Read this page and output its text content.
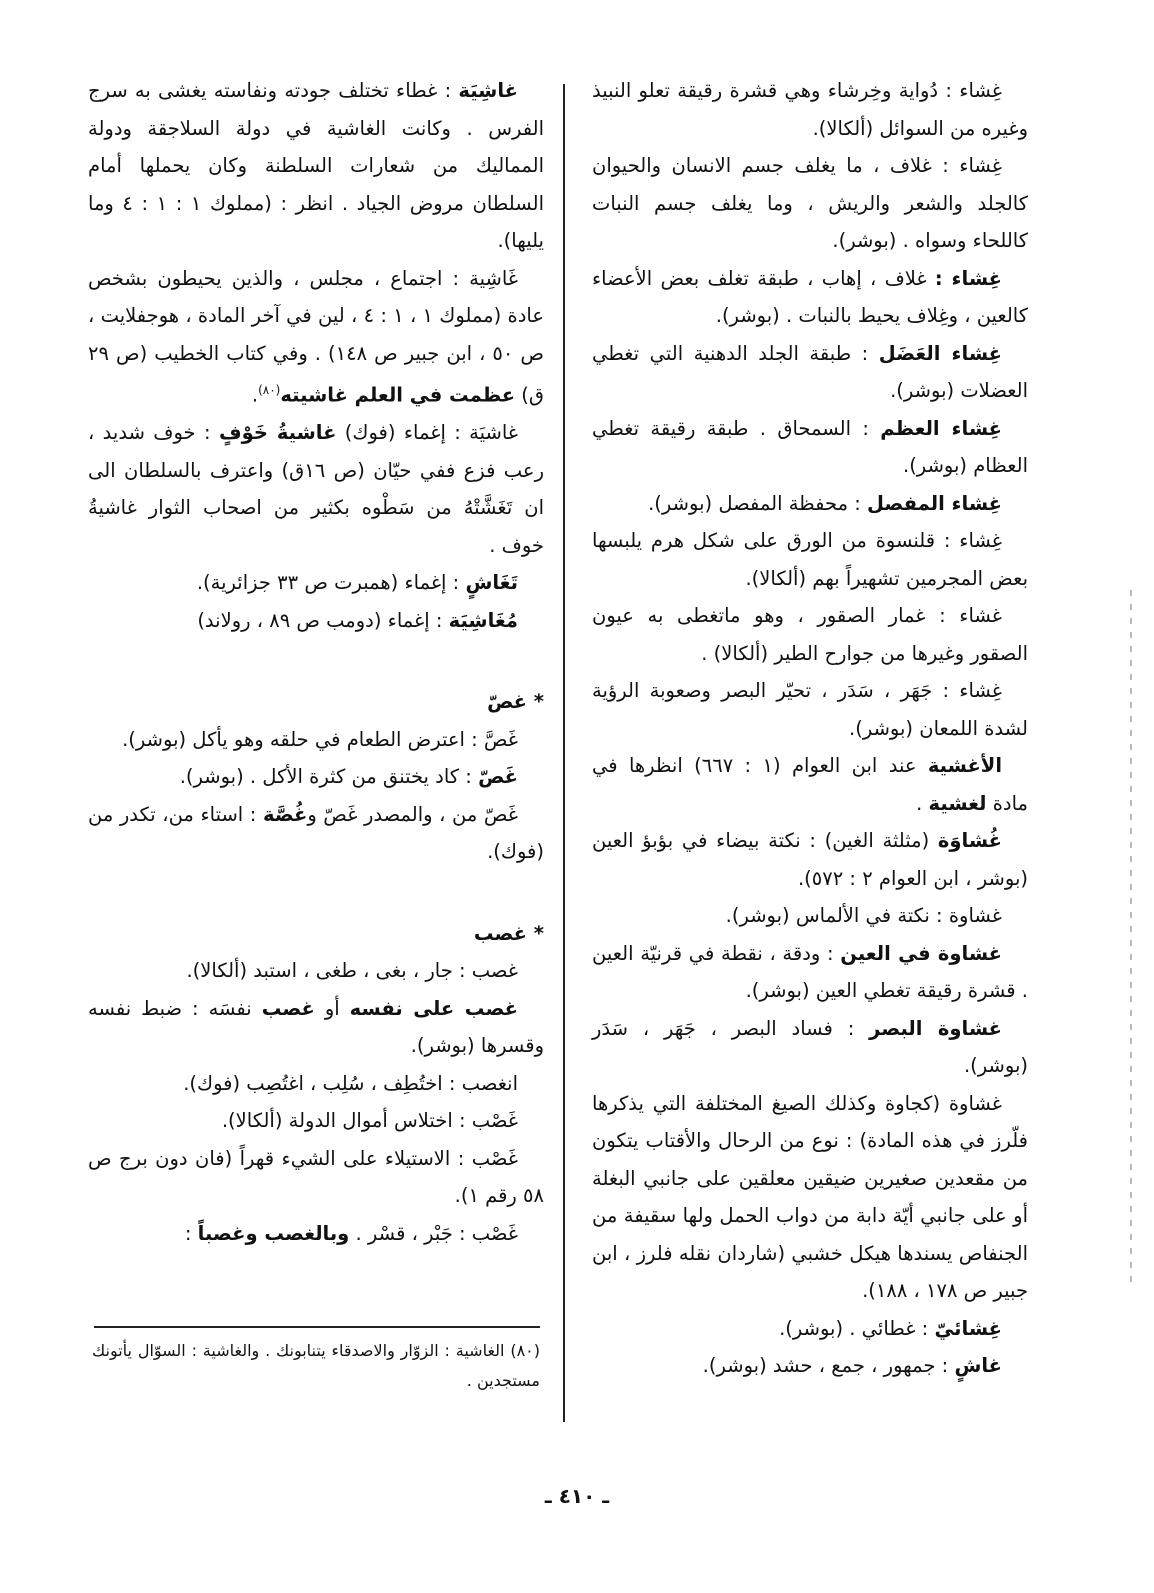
غِشاء : دُواية وخِرشاء وهي قشرة رقيقة تعلو النبيذ وغيره من السوائل (ألكالا).

غِشاء : غلاف ، ما يغلف جسم الانسان والحيوان كالجلد والشعر والريش ، وما يغلف جسم النبات كاللحاء وسواه . (بوشر).

غِشاء : غلاف ، إهاب ، طبقة تغلف بعض الأعضاء كالعين ، وغِلاف يحيط بالنبات . (بوشر).

غِشاء العَضَل : طبقة الجلد الدهنية التي تغطي العضلات (بوشر).

غِشاء العظم : السمحاق . طبقة رقيقة تغطي العظام (بوشر).

غِشاء المفصل : محفظة المفصل (بوشر).

غِشاء : قلنسوة من الورق على شكل هرم يلبسها بعض المجرمين تشهيراً بهم (ألكالا).

غشاء : غمار الصقور ، وهو ماتغطى به عيون الصقور وغيرها من جوارح الطير (ألكالا) .

غِشاء : جَهَر ، سَدَر ، تحيّر البصر وصعوبة الرؤية لشدة اللمعان (بوشر).

الأغشية عند ابن العوام (١ : ٦٦٧) انظرها في مادة لغشية .

غُشاوَة (مثلثة الغين) : نكتة بيضاء في بؤبؤ العين (بوشر ، ابن العوام ٢ : ٥٧٢).

غشاوة : نكتة في الألماس (بوشر).

غشاوة في العين : ودقة ، نقطة في قرنيّة العين . قشرة رقيقة تغطي العين (بوشر).

غشاوة البصر : فساد البصر ، جَهَر ، سَدَر (بوشر).

غشاوة (كجاوة وكذلك الصيغ المختلفة التي يذكرها فلّرز في هذه المادة) : نوع من الرحال والأقتاب يتكون من مقعدين صغيرين ضيقين معلقين على جانبي البغلة أو على جانبي أيّة دابة من دواب الحمل ولها سقيفة من الجنفاص يسندها هيكل خشبي (شاردان نقله فلرز ، ابن جبير ص ١٧٨ ، ١٨٨).

غِشائيّ : غطائي . (بوشر).

غاشٍ : جمهور ، جمع ، حشد (بوشر).

غاشِيَة : غطاء تختلف جودته ونفاسته يغشى به سرج الفرس . وكانت الغاشية في دولة السلاجقة ودولة المماليك من شعارات السلطنة وكان يحملها أمام السلطان مروض الجياد . انظر : (مملوك ١ : ١ : ٤ وما يليها).

غَاشِية : اجتماع ، مجلس ، والذين يحيطون بشخص عادة (مملوك ١ ، ١ : ٤ ، لين في آخر المادة ، هوجفلايت ، ص ٥٠ ، ابن جبير ص ١٤٨) . وفي كتاب الخطيب (ص ٢٩ ق) عظمت في العلم غاشيته$^{(٨٠)}$.

غاشيَة : إغماء (فوك) غاشيةُ خَوْفٍ : خوف شديد ، رعب فزع ففي حيّان (ص ١٦ق) واعترف بالسلطان الى ان تَغَشَّتْهُ من سَطْوه بكثير من اصحاب الثوار غاشيةُ خوف .

تَغَاشٍ : إغماء (همبرت ص ٣٣ جزائرية).

مُغَاشِيَة : إغماء (دومب ص ٨٩ ، رولاند)

* غصّ

غَصَّ : اعترض الطعام في حلقه وهو يأكل (بوشر).

غَصّ : كاد يختنق من كثرة الأكل . (بوشر).

غَصّ من ، والمصدر غَصّ وغُصَّة : استاء من، تكدر من (فوك).

* غصب

غصب : جار ، بغى ، طغى ، استبد (ألكالا).

غصب على نفسه أو غصب نفسَه : ضبط نفسه وقسرها (بوشر).

انغصب : اختُطِف ، سُلِب ، اغتُصِب (فوك).

غَصْب : اختلاس أموال الدولة (ألكالا).

غَصْب : الاستيلاء على الشيء قهراً (فان دون برج ص ٥٨ رقم ١).

غَصْب : جَبْر ، قسْر . وبالغصب وغصباً :

(٨٠) الغاشية : الزوّار والاصدقاء يتنابونك . والغاشية : السوّال يأتونك مستجدين .
ـ ٤١٠ ـ
